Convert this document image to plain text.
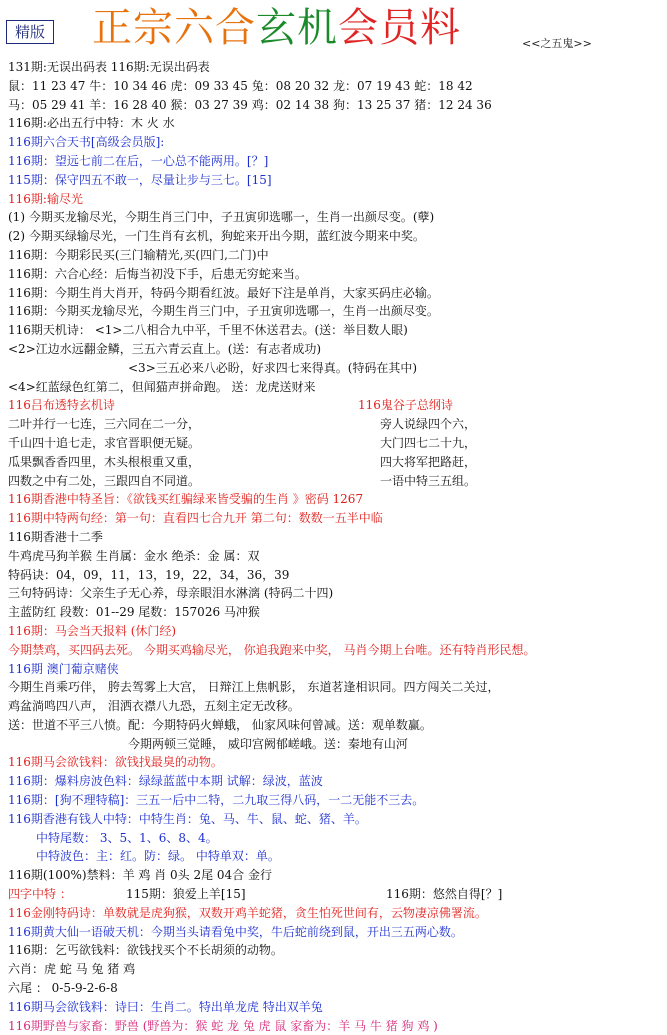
精版 正宗六合玄机会员料	<<之五鬼>>
131期:无误出码表 116期:无误出码表
鼠：11 23 47 牛：10 34 46 虎：09 33 45 兔：08 20 32 龙：07 19 43 蛇：18 42
马：05 29 41 羊：16 28 40 猴：03 27 39 鸡：02 14 38 狗：13 25 37 猪：12 24 36
116期:必出五行中特：木 火 水
116期六合天书[高级会员版]:
116期：望远七前二在后，一心总不能两用。[？]
115期：保守四五不敢一，尽量让步与三七。[15]
116期:输尽光
(1) 今期买龙输尽光，今期生肖三门中，子丑寅卯选哪一，生肖一出颜尽变。(孽)
(2) 今期买绿输尽光，一门生肖有玄机，狗蛇来开出今期，蓝红波今期来中奖。
116期：今期彩民买(三门输精光,买(四门,二门)中
116期：六合心经：后悔当初没下手，后患无穷蛇来当。
116期：今期生肖大肖开，特码今期看红波。最好下注是单肖，大家买码庄必输。
116期：今期买龙输尽光，今期生肖三门中，子丑寅卯选哪一，生肖一出颜尽变。
116期天机诗： <1>二八相合九中平，千里不休送君去。(送：举目数人眼)
<2>江边水远翻金鳞，三五六青云直上。(送：有志者成功)
<3>三五必来八必盼，好求四七来得真。(特码在其中)
<4>红蓝绿色红第二，但闻猫声拼命跑。 送：龙虎送财来
116吕布透特玄机诗	116鬼谷子总纲诗
二叶并行一七连，三六同在二一分，	旁人说绿四个六，
千山四十追七走，求官晋职便无疑。	大门四七二十九，
瓜果飘香香四里，木头根根重又重，	四大将军把路赶，
四数之中有二处，三跟四自不同道。	一语中特三五组。
116期香港中特圣旨：《欲钱买红骗绿来皆受骗的生肖 》密码 1267
116期中特两句经：第一句：直看四七合九开 第二句：数数一五半中临
116期香港十二季
牛鸡虎马狗羊猴 生肖属：金水 绝杀：金 属：双
特码诀：04，09，11，13，19，22，34，36，39
三句特码诗：父亲生子无心养，母亲眼泪水淋漓 (特码二十四)
主蓝防红 段数：01--29 尾数：157026 马冲猴
116期：马会当天报料 (休门经)
今期禁鸡，买四码去死。 今期买鸡输尽光， 你追我跑来中奖， 马肖今期上台唯。还有特肖形民想。
116期 澳门葡京赌侠
今期生肖乘巧伴， 胯去驾雾上大宫， 日辩江上焦帆影， 东道茗逢相识同。四方闯关二关过，
鸡盆淌鸣四八声， 泪洒衣襟八九恐，五刻主定无改移。
送：世道不平三八愤。配：今期特码火蝉蛾， 仙家风味何曾减。送：观单数赢。
今期两顿三觉睡， 威印宫阙郁嵯峨。送：秦地有山河
116期马会欲钱料：欲钱找最臭的动物。
116期：爆料房波色料：绿绿蓝蓝中本期 试解：绿波，蓝波
116期：[狗不理特稿]：三五一后中二特，二九取三得八码，一二无能不三去。
116期香港有钱人中特：中特生肖：兔、马、牛、鼠、蛇、猪、羊。
中特尾数： 3、5、1、6、8、4。
中特波色：主：红。防：绿。 中特单双：单。
116期(100%)禁料：羊 鸡 肖 0头 2尾 04合 金行
四字中特 ：	115期：狼爱上羊[15]	116期：悠然自得[？]
116金刚特码诗：单数就是虎狗猴，双数开鸡羊蛇猪，贪生怕死世间有，云物凄凉佛署流。
116期黄大仙一语破天机：今期当头请看兔中奖，牛后蛇前绕到鼠，开出三五两心数。
116期：乞丐欲钱料：欲钱找买个不长胡须的动物。
六肖：虎 蛇 马 兔 猪 鸡
六尾 ： 0-5-9-2-6-8
116期马会欲钱料：诗曰：生肖二。特出单龙虎 特出双羊兔
116期野兽与家畜：野兽 (野兽为：猴 蛇 龙 兔 虎 鼠 家畜为：羊 马 牛 猪 狗 鸡 )
